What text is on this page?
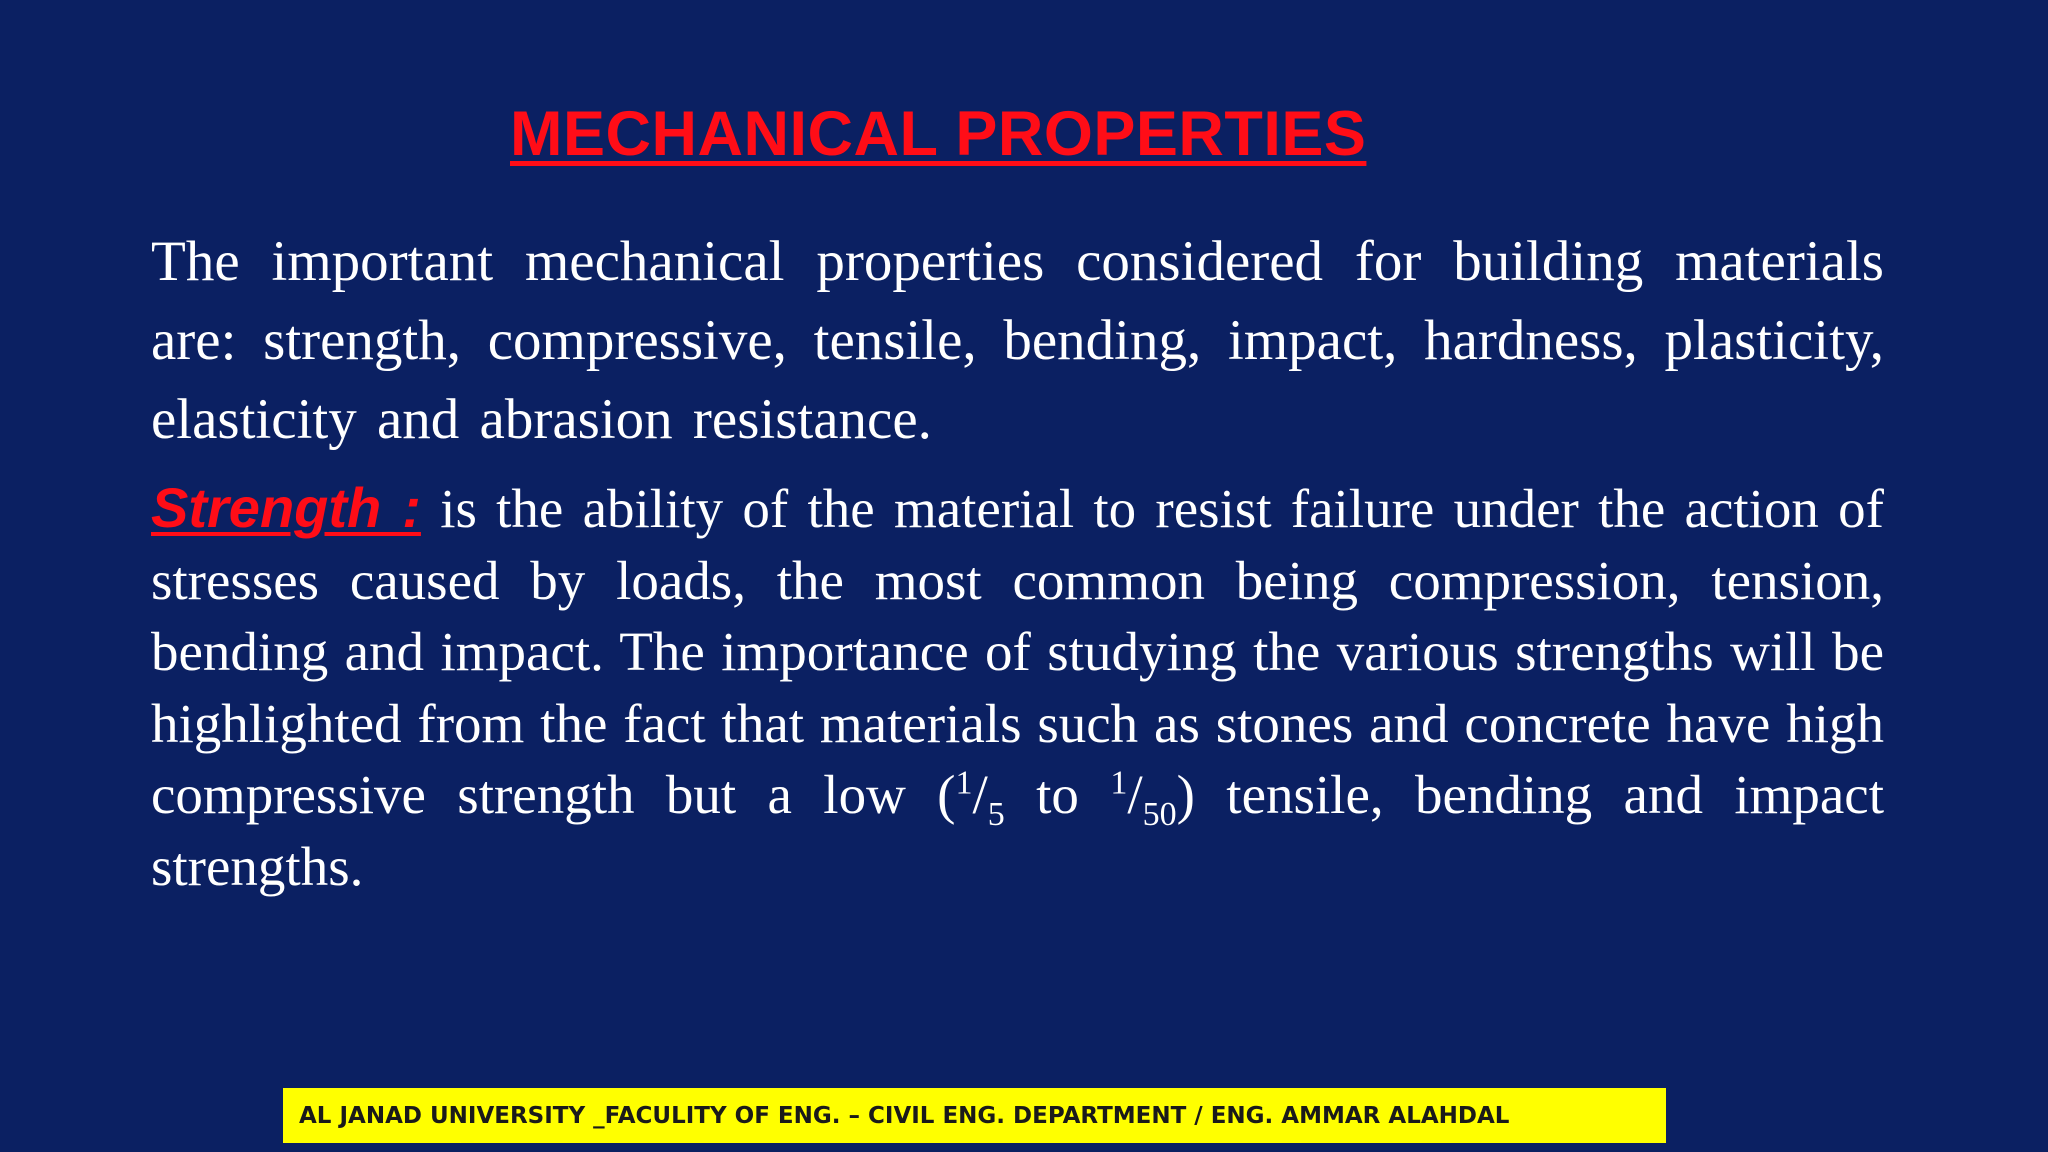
MECHANICAL PROPERTIES
The important mechanical properties considered for building materials are: strength, compressive, tensile, bending, impact, hardness, plasticity, elasticity and abrasion resistance.
Strength : is the ability of the material to resist failure under the action of stresses caused by loads, the most common being compression, tension, bending and impact. The importance of studying the various strengths will be highlighted from the fact that materials such as stones and concrete have high compressive strength but a low ($^1/_5$ to $^1/_{50}$) tensile, bending and impact strengths.
AL JANAD UNIVERSITY _FACULITY OF ENG. – CIVIL ENG. DEPARTMENT / ENG. AMMAR ALAHDAL
